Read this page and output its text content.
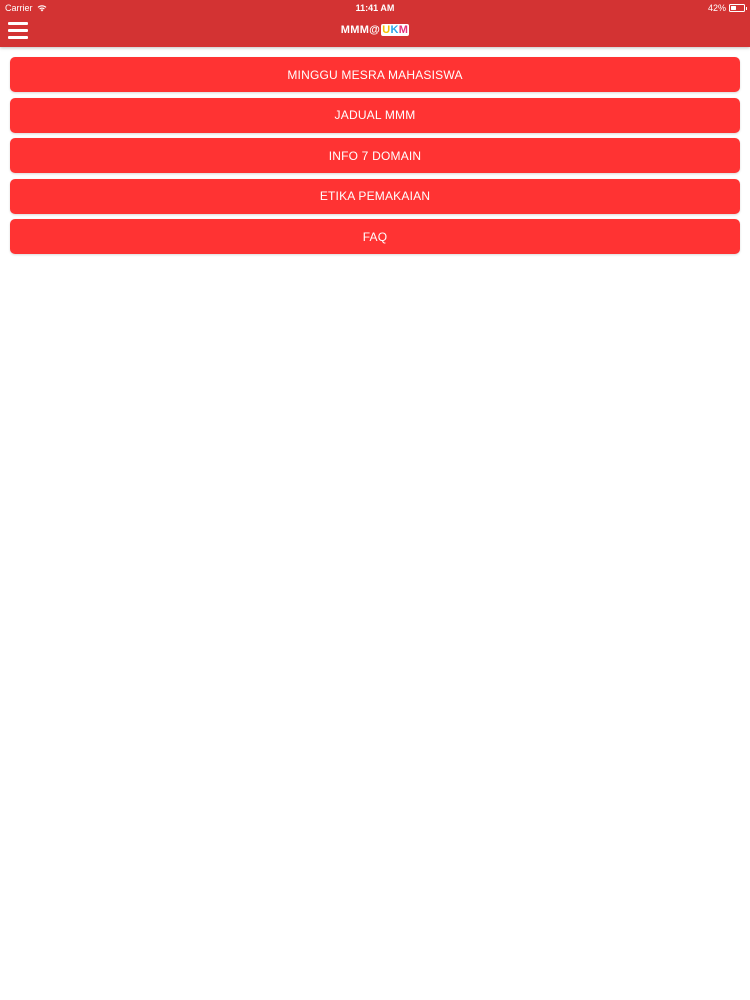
Carrier	11:41 AM	42%
MMM@ UKM
MINGGU MESRA MAHASISWA
JADUAL MMM
INFO 7 DOMAIN
ETIKA PEMAKAIAN
FAQ
